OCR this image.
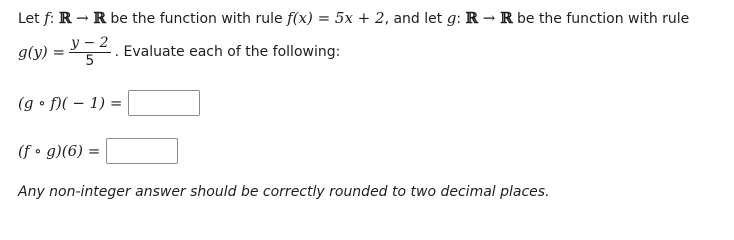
Let f: ℝ → ℝ be the function with rule f(x) = 5x + 2, and let g: ℝ → ℝ be the function with rule
$g(y) = \frac{y - 2}{5}$ . Evaluate each of the following:
(g ∘ f)( − 1) =
(f ∘ g)(6) =
Any non-integer answer should be correctly rounded to two decimal places.
